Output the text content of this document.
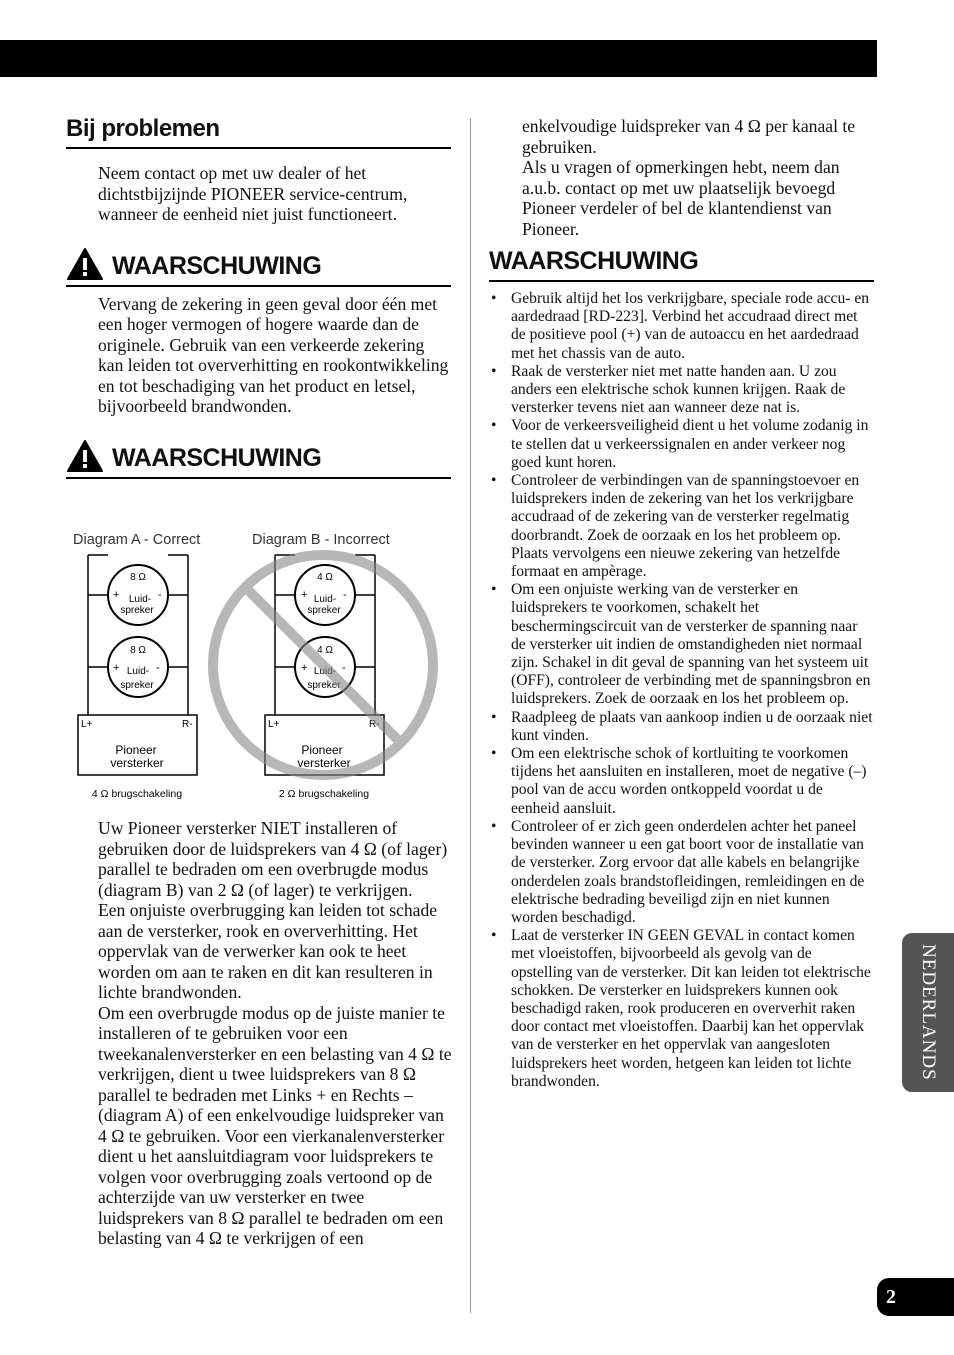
Bij problemen
Neem contact op met uw dealer of het dichtstbijzijnde PIONEER service-centrum, wanneer de eenheid niet juist functioneert.
WAARSCHUWING
Vervang de zekering in geen geval door één met een hoger vermogen of hogere waarde dan de originele. Gebruik van een verkeerde zekering kan leiden tot oververhitting en rookontwikkeling en tot beschadiging van het product en letsel, bijvoorbeeld brandwonden.
WAARSCHUWING
Diagram A - Correct	Diagram B - Incorrect
8 Ω
Luid-
spreker
+	-
8 Ω
Luid-
spreker
+	-
L+	R-
Pioneer
versterker
4 Ω brugschakeling
4 Ω
Luid-
spreker
+	-
4 Ω
Luid-
spreker
+	-
L+	R-
Pioneer
versterker
2 Ω brugschakeling
Uw Pioneer versterker NIET installeren of gebruiken door de luidsprekers van 4 Ω (of lager) parallel te bedraden om een overbrugde modus (diagram B) van 2 Ω (of lager) te verkrijgen.
Een onjuiste overbrugging kan leiden tot schade aan de versterker, rook en oververhitting. Het oppervlak van de verwerker kan ook te heet worden om aan te raken en dit kan resulteren in lichte brandwonden.
Om een overbrugde modus op de juiste manier te installeren of te gebruiken voor een tweekanalenversterker en een belasting van 4 Ω te verkrijgen, dient u twee luidsprekers van 8 Ω parallel te bedraden met Links + en Rechts – (diagram A) of een enkelvoudige luidspreker van 4 Ω te gebruiken. Voor een vierkanalenversterker dient u het aansluitdiagram voor luidsprekers te volgen voor overbrugging zoals vertoond op de achterzijde van uw versterker en twee luidsprekers van 8 Ω parallel te bedraden om een belasting van 4 Ω te verkrijgen of een
enkelvoudige luidspreker van 4 Ω per kanaal te gebruiken.
Als u vragen of opmerkingen hebt, neem dan a.u.b. contact op met uw plaatselijk bevoegd Pioneer verdeler of bel de klantendienst van Pioneer.
WAARSCHUWING
• Gebruik altijd het los verkrijgbare, speciale rode accu- en aardedraad [RD-223]. Verbind het accudraad direct met de positieve pool (+) van de autoaccu en het aardedraad met het chassis van de auto.
• Raak de versterker niet met natte handen aan. U zou anders een elektrische schok kunnen krijgen. Raak de versterker tevens niet aan wanneer deze nat is.
• Voor de verkeersveiligheid dient u het volume zodanig in te stellen dat u verkeerssignalen en ander verkeer nog goed kunt horen.
• Controleer de verbindingen van de spanningstoevoer en luidsprekers inden de zekering van het los verkrijgbare accudraad of de zekering van de versterker regelmatig doorbrandt. Zoek de oorzaak en los het probleem op. Plaats vervolgens een nieuwe zekering van hetzelfde formaat en ampèrage.
• Om een onjuiste werking van de versterker en luidsprekers te voorkomen, schakelt het beschermingscircuit van de versterker de spanning naar de versterker uit indien de omstandigheden niet normaal zijn. Schakel in dit geval de spanning van het systeem uit (OFF), controleer de verbinding met de spanningsbron en luidsprekers. Zoek de oorzaak en los het probleem op.
• Raadpleeg de plaats van aankoop indien u de oorzaak niet kunt vinden.
• Om een elektrische schok of kortluiting te voorkomen tijdens het aansluiten en installeren, moet de negative (–) pool van de accu worden ontkoppeld voordat u de eenheid aansluit.
• Controleer of er zich geen onderdelen achter het paneel bevinden wanneer u een gat boort voor de installatie van de versterker. Zorg ervoor dat alle kabels en belangrijke onderdelen zoals brandstofleidingen, remleidingen en de elektrische bedrading beveiligd zijn en niet kunnen worden beschadigd.
• Laat de versterker IN GEEN GEVAL in contact komen met vloeistoffen, bijvoorbeeld als gevolg van de opstelling van de versterker. Dit kan leiden tot elektrische schokken. De versterker en luidsprekers kunnen ook beschadigd raken, rook produceren en oververhit raken door contact met vloeistoffen. Daarbij kan het oppervlak van de versterker en het oppervlak van aangesloten luidsprekers heet worden, hetgeen kan leiden tot lichte brandwonden.
NEDERLANDS
2
